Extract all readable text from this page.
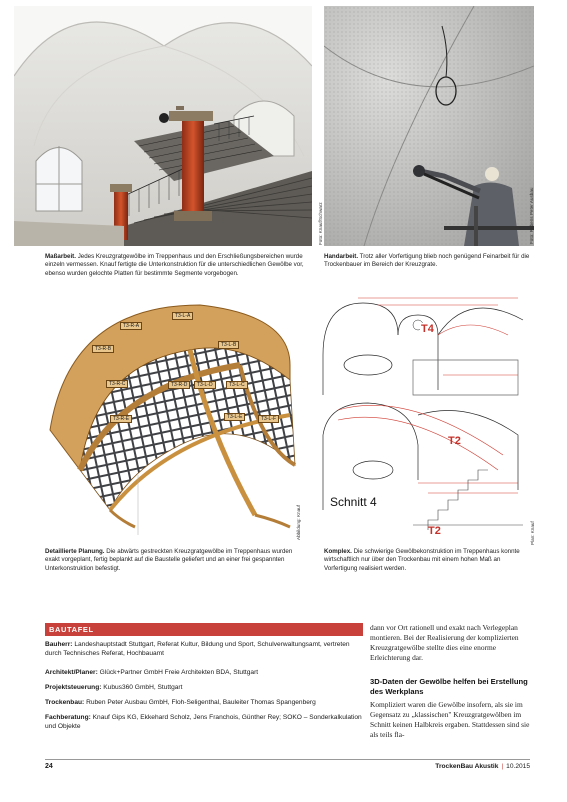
Foto: Knauf/Schwarz	Foto: Rubens Peter Ausbau
Maßarbeit. Jedes Kreuzgratgewölbe im Treppenhaus und den Erschließungsbereichen wurde einzeln vermessen. Knauf fertigte die Unterkonstruktion für die unterschiedlichen Gewölbe vor, ebenso wurden gelochte Platten für bestimmte Segmente vorgebogen.
Handarbeit. Trotz aller Vorfertigung blieb noch genügend Feinarbeit für die Trockenbauer im Bereich der Kreuzgrate.
T3-R-A
T3-L-A
T3-R-B
T3-L-B
T3-R-C	T3-R-D	T3-L-D	T3-L-C
T3-R-E	T3-L-E	T3-L-F
Abbildung: Knauf
T4
T2
T2
Schnitt 4
Plan: Knauf
Detaillierte Planung. Die abwärts gestreckten Kreuzgratgewölbe im Treppenhaus wurden exakt vorgeplant, fertig beplankt auf die Baustelle geliefert und an einer frei gespannten Unterkonstruktion befestigt.
Komplex. Die schwierige Gewölbekonstruktion im Treppenhaus konnte wirtschaftlich nur über den Trockenbau mit einem hohen Maß an Vorfertigung realisiert werden.
BAUTAFEL
Bauherr: Landeshauptstadt Stuttgart, Referat Kultur, Bildung und Sport, Schulverwaltungsamt, vertreten durch Technisches Referat, Hochbauamt
Architekt/Planer: Glück+Partner GmbH Freie Architekten BDA, Stuttgart
Projektsteuerung: Kubus360 GmbH, Stuttgart
Trockenbau: Ruben Peter Ausbau GmbH, Floh-Seligenthal, Bauleiter Thomas Spangenberg
Fachberatung: Knauf Gips KG, Ekkehard Scholz, Jens Franchois, Günther Rey; SOKO – Sonderkalkulation und Objekte
dann vor Ort rationell und exakt nach Verlegeplan montieren. Bei der Realisierung der komplizierten Kreuzgratgewölbe stellte dies eine enorme Erleichterung dar.
3D-Daten der Gewölbe helfen bei Erstellung des Werkplans
Kompliziert waren die Gewölbe insofern, als sie im Gegensatz zu „klassischen" Kreuzgratgewölben im Schnitt keinen Halbkreis ergaben. Stattdessen sind sie als teils fla-
24	TrockenBau Akustik | 10.2015
